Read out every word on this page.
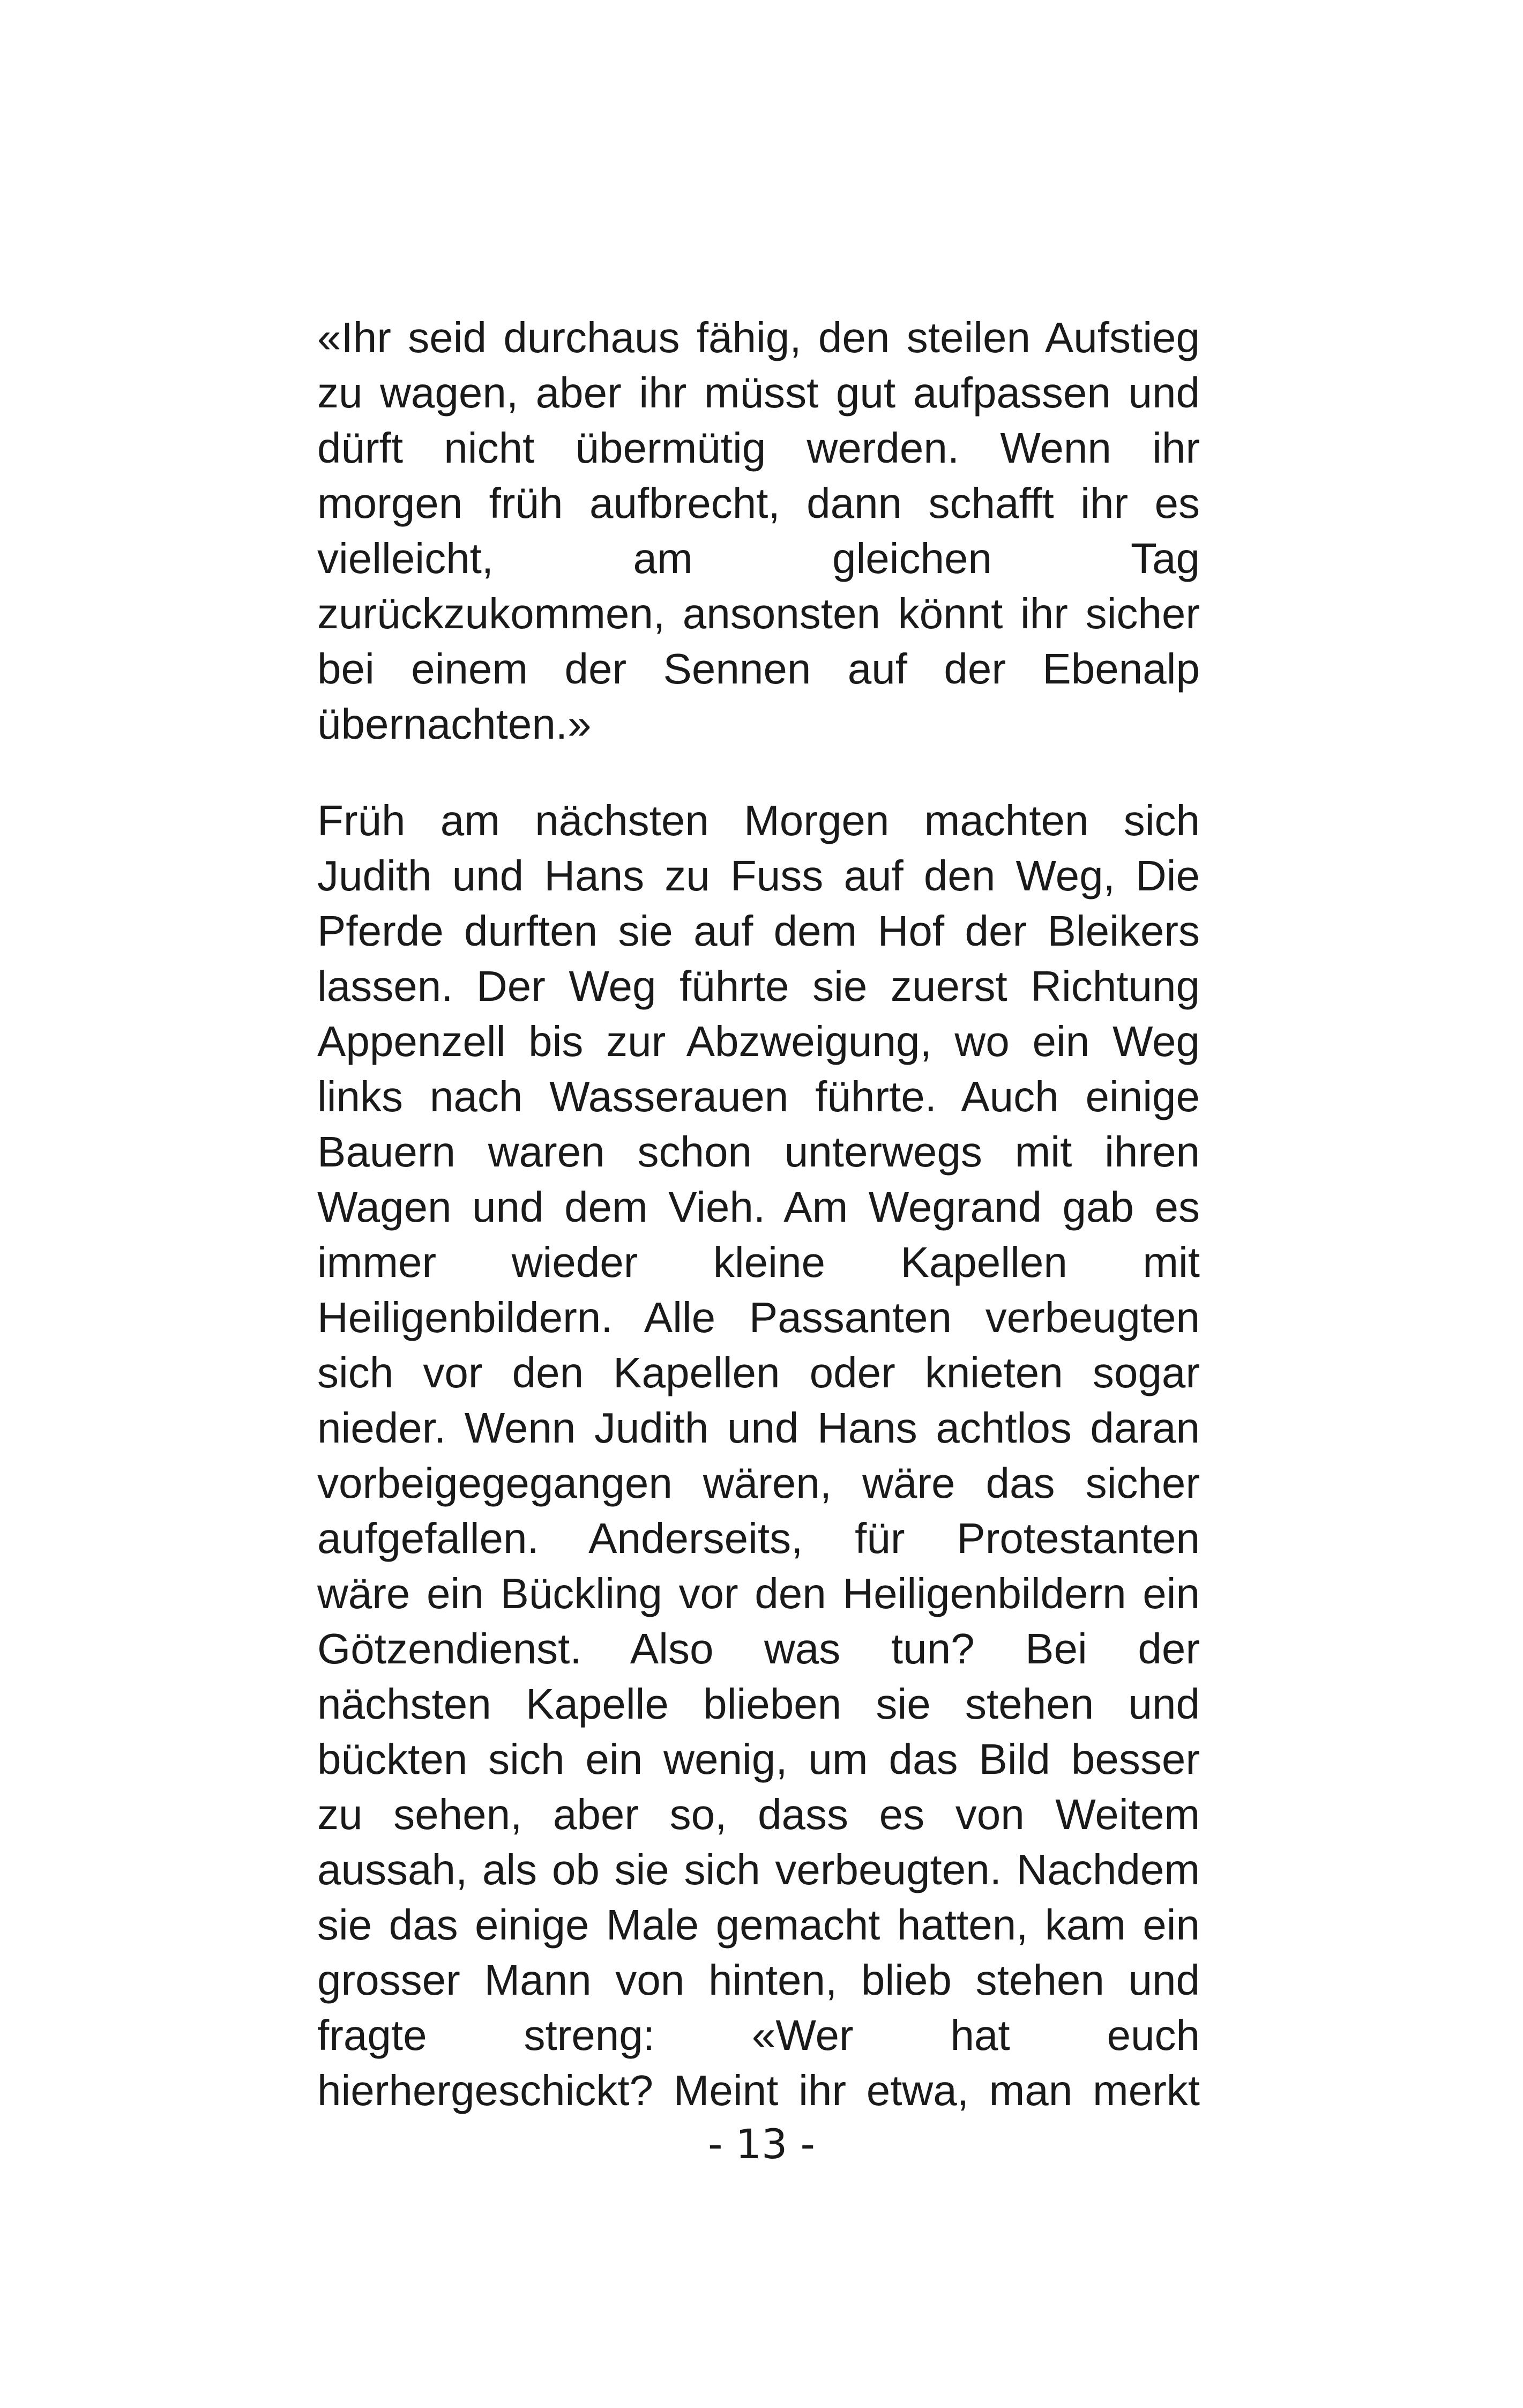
«Ihr seid durchaus fähig, den steilen Aufstieg
zu wagen, aber ihr müsst gut aufpassen und
dürft nicht übermütig werden. Wenn ihr
morgen früh aufbrecht, dann schafft ihr es
vielleicht, am gleichen Tag
zurückzukommen, ansonsten könnt ihr sicher
bei einem der Sennen auf der Ebenalp
übernachten.»
Früh am nächsten Morgen machten sich
Judith und Hans zu Fuss auf den Weg, Die
Pferde durften sie auf dem Hof der Bleikers
lassen. Der Weg führte sie zuerst Richtung
Appenzell bis zur Abzweigung, wo ein Weg
links nach Wasserauen führte. Auch einige
Bauern waren schon unterwegs mit ihren
Wagen und dem Vieh. Am Wegrand gab es
immer wieder kleine Kapellen mit
Heiligenbildern. Alle Passanten verbeugten
sich vor den Kapellen oder knieten sogar
nieder. Wenn Judith und Hans achtlos daran
vorbeigegegangen wären, wäre das sicher
aufgefallen. Anderseits, für Protestanten
wäre ein Bückling vor den Heiligenbildern ein
Götzendienst. Also was tun? Bei der
nächsten Kapelle blieben sie stehen und
bückten sich ein wenig, um das Bild besser
zu sehen, aber so, dass es von Weitem
aussah, als ob sie sich verbeugten. Nachdem
sie das einige Male gemacht hatten, kam ein
grosser Mann von hinten, blieb stehen und
fragte streng: «Wer hat euch
hierhergeschickt? Meint ihr etwa, man merkt
- 13 -
